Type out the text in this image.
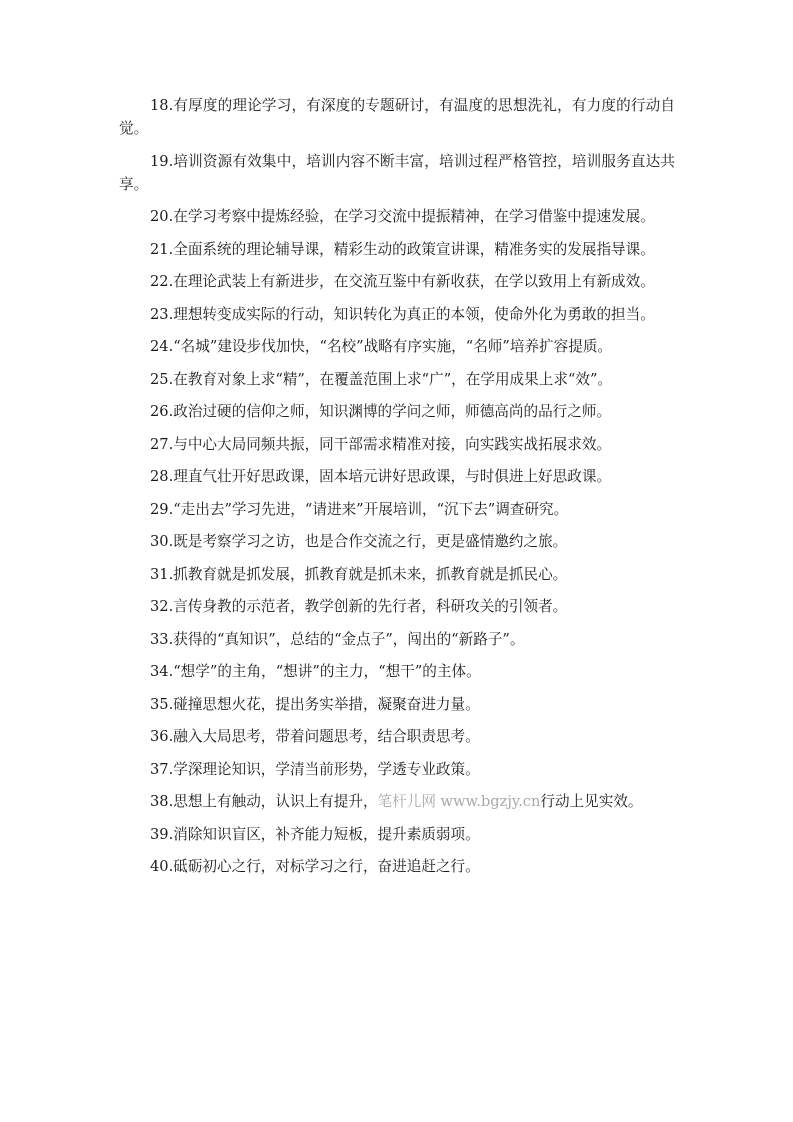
18.有厚度的理论学习，有深度的专题研讨，有温度的思想洗礼，有力度的行动自觉。

19.培训资源有效集中，培训内容不断丰富，培训过程严格管控，培训服务直达共享。

20.在学习考察中提炼经验，在学习交流中提振精神，在学习借鉴中提速发展。

21.全面系统的理论辅导课，精彩生动的政策宣讲课，精准务实的发展指导课。

22.在理论武装上有新进步，在交流互鉴中有新收获，在学以致用上有新成效。

23.理想转变成实际的行动，知识转化为真正的本领，使命外化为勇敢的担当。

24.“名城”建设步伐加快，“名校”战略有序实施，“名师”培养扩容提质。

25.在教育对象上求“精”，在覆盖范围上求“广”，在学用成果上求“效”。

26.政治过硬的信仰之师，知识渊博的学问之师，师德高尚的品行之师。

27.与中心大局同频共振，同干部需求精准对接，向实践实战拓展求效。

28.理直气壮开好思政课，固本培元讲好思政课，与时俱进上好思政课。

29.“走出去”学习先进，“请进来”开展培训，“沉下去”调查研究。

30.既是考察学习之访，也是合作交流之行，更是盛情邀约之旅。

31.抓教育就是抓发展，抓教育就是抓未来，抓教育就是抓民心。

32.言传身教的示范者，教学创新的先行者，科研攻关的引领者。

33.获得的“真知识”，总结的“金点子”，闯出的“新路子”。

34.“想学”的主角，“想讲”的主力，“想干”的主体。

35.碰撞思想火花，提出务实举措，凝聚奋进力量。

36.融入大局思考，带着问题思考，结合职责思考。

37.学深理论知识，学清当前形势，学透专业政策。

38.思想上有触动，认识上有提升，笔杆儿网 www.bgzjy.cn行动上见实效。

39.消除知识盲区，补齐能力短板，提升素质弱项。

40.砥砺初心之行，对标学习之行，奋进追赶之行。
